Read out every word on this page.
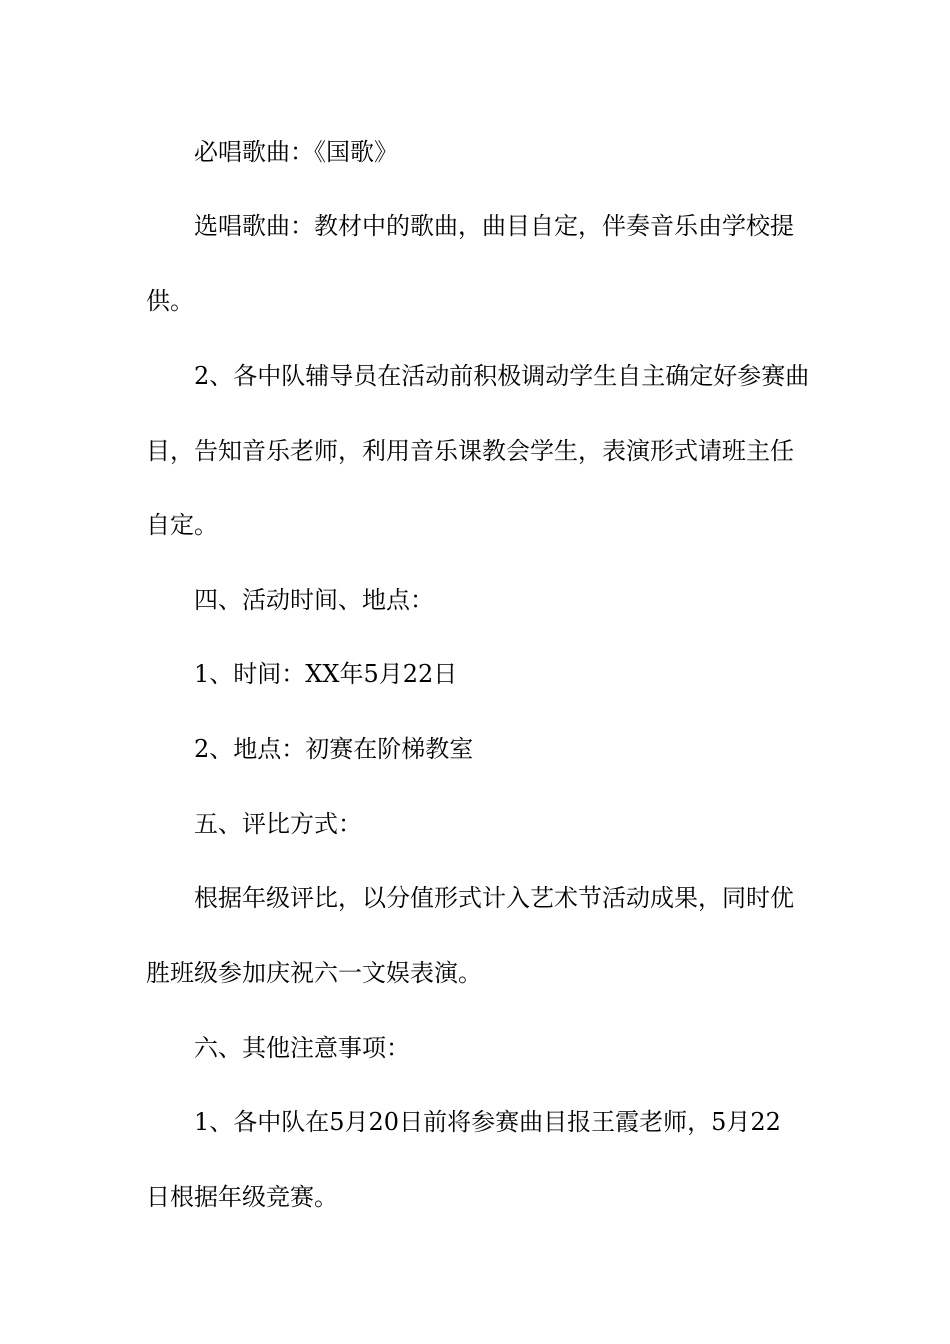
必唱歌曲：《国歌》
选唱歌曲：教材中的歌曲，曲目自定，伴奏音乐由学校提
供。
2、各中队辅导员在活动前积极调动学生自主确定好参赛曲
目，告知音乐老师，利用音乐课教会学生，表演形式请班主任
自定。
四、活动时间、地点：
1、时间：XX年5月22日
2、地点：初赛在阶梯教室
五、评比方式：
根据年级评比，以分值形式计入艺术节活动成果，同时优
胜班级参加庆祝六一文娱表演。
六、其他注意事项：
1、各中队在5月20日前将参赛曲目报王霞老师，5月22
日根据年级竞赛。
